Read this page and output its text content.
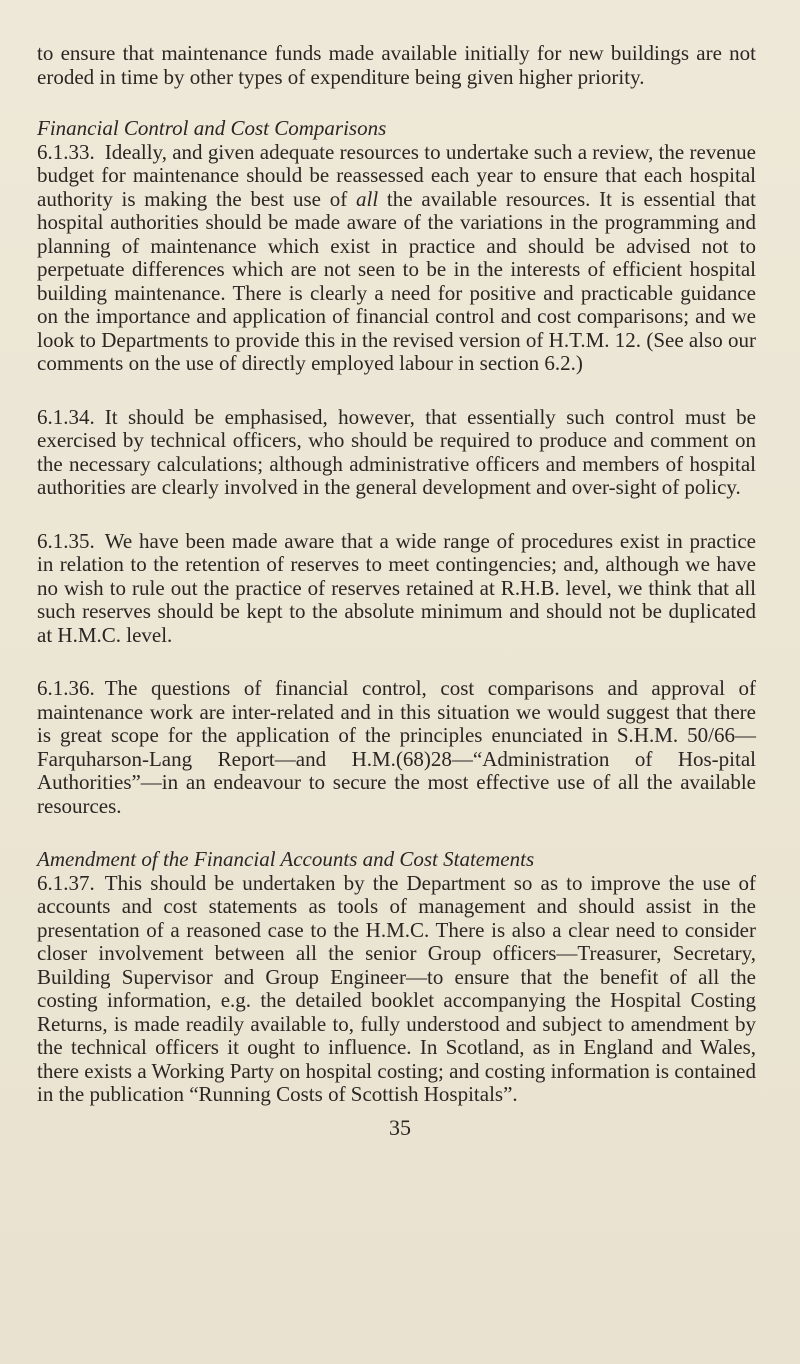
to ensure that maintenance funds made available initially for new buildings are not eroded in time by other types of expenditure being given higher priority.

Financial Control and Cost Comparisons

6.1.33. Ideally, and given adequate resources to undertake such a review, the revenue budget for maintenance should be reassessed each year to ensure that each hospital authority is making the best use of all the available resources. It is essential that hospital authorities should be made aware of the variations in the programming and planning of maintenance which exist in practice and should be advised not to perpetuate differences which are not seen to be in the interests of efficient hospital building maintenance. There is clearly a need for positive and practicable guidance on the importance and application of financial control and cost comparisons; and we look to Departments to provide this in the revised version of H.T.M. 12. (See also our comments on the use of directly employed labour in section 6.2.)

6.1.34. It should be emphasised, however, that essentially such control must be exercised by technical officers, who should be required to produce and comment on the necessary calculations; although administrative officers and members of hospital authorities are clearly involved in the general development and over-sight of policy.

6.1.35. We have been made aware that a wide range of procedures exist in practice in relation to the retention of reserves to meet contingencies; and, although we have no wish to rule out the practice of reserves retained at R.H.B. level, we think that all such reserves should be kept to the absolute minimum and should not be duplicated at H.M.C. level.

6.1.36. The questions of financial control, cost comparisons and approval of maintenance work are inter-related and in this situation we would suggest that there is great scope for the application of the principles enunciated in S.H.M. 50/66—Farquharson-Lang Report—and H.M.(68)28—“Administration of Hos-pital Authorities”—in an endeavour to secure the most effective use of all the available resources.

Amendment of the Financial Accounts and Cost Statements

6.1.37. This should be undertaken by the Department so as to improve the use of accounts and cost statements as tools of management and should assist in the presentation of a reasoned case to the H.M.C. There is also a clear need to consider closer involvement between all the senior Group officers—Treasurer, Secretary, Building Supervisor and Group Engineer—to ensure that the benefit of all the costing information, e.g. the detailed booklet accompanying the Hospital Costing Returns, is made readily available to, fully understood and subject to amendment by the technical officers it ought to influence. In Scotland, as in England and Wales, there exists a Working Party on hospital costing; and costing information is contained in the publication “Running Costs of Scottish Hospitals”.

35
